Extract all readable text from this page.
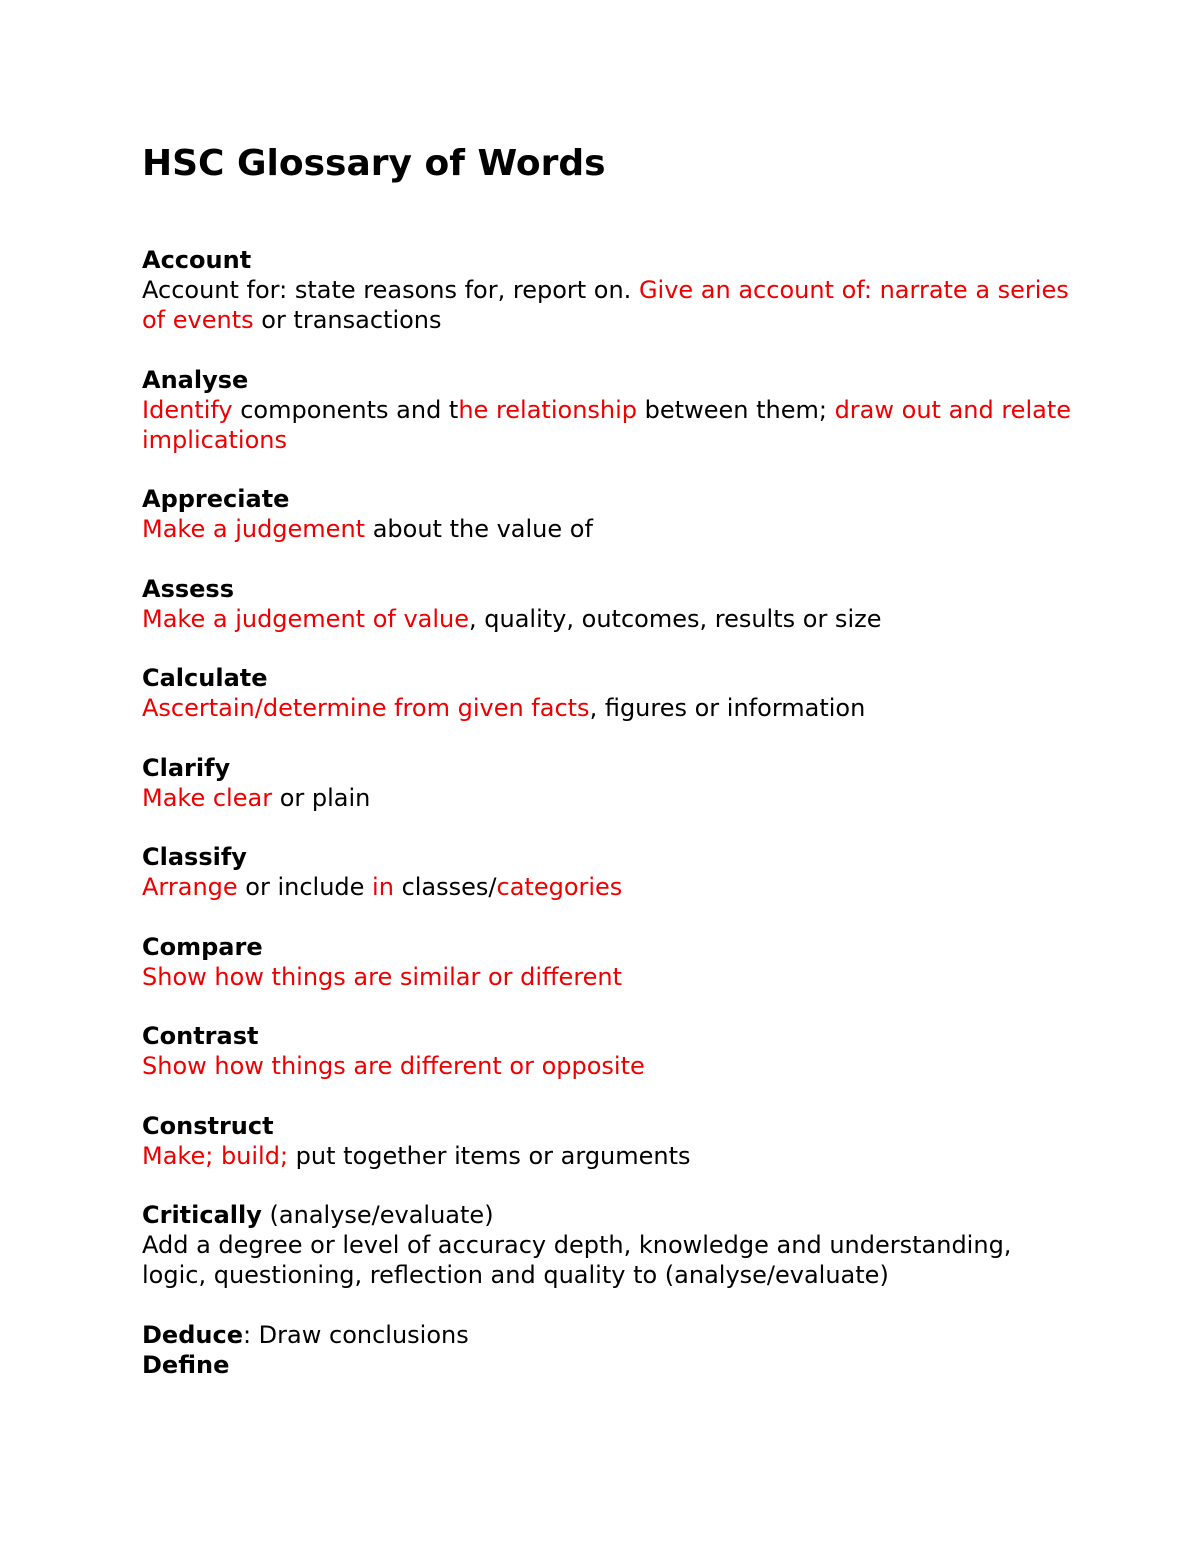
HSC Glossary of Words
Account
Account for: state reasons for, report on. Give an account of: narrate a series of events or transactions
Analyse
Identify components and the relationship between them; draw out and relate implications
Appreciate
Make a judgement about the value of
Assess
Make a judgement of value, quality, outcomes, results or size
Calculate
Ascertain/determine from given facts, figures or information
Clarify
Make clear or plain
Classify
Arrange or include in classes/categories
Compare
Show how things are similar or different
Contrast
Show how things are different or opposite
Construct
Make; build; put together items or arguments
Critically (analyse/evaluate)
Add a degree or level of accuracy depth, knowledge and understanding, logic, questioning, reflection and quality to (analyse/evaluate)
Deduce: Draw conclusions
Define
